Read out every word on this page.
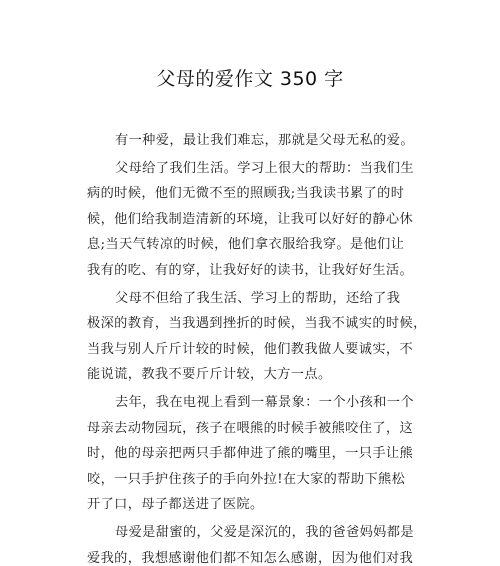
父母的爱作文 350 字
有一种爱，最让我们难忘，那就是父母无私的爱。
父母给了我们生活。学习上很大的帮助：当我们生
病的时候，他们无微不至的照顾我;当我读书累了的时
候，他们给我制造清新的环境，让我可以好好的静心休
息;当天气转凉的时候，他们拿衣服给我穿。是他们让
我有的吃、有的穿，让我好好的读书，让我好好生活。
父母不但给了我生活、学习上的帮助，还给了我
极深的教育，当我遇到挫折的时候，当我不诚实的时候，
当我与别人斤斤计较的时候，他们教我做人要诚实，不
能说谎，教我不要斤斤计较，大方一点。
去年，我在电视上看到一幕景象：一个小孩和一个
母亲去动物园玩，孩子在喂熊的时候手被熊咬住了，这
时，他的母亲把两只手都伸进了熊的嘴里，一只手让熊
咬，一只手护住孩子的手向外拉!在大家的帮助下熊松
开了口，母子都送进了医院。
母爱是甜蜜的，父爱是深沉的，我的爸爸妈妈都是
爱我的，我想感谢他们都不知怎么感谢，因为他们对我
